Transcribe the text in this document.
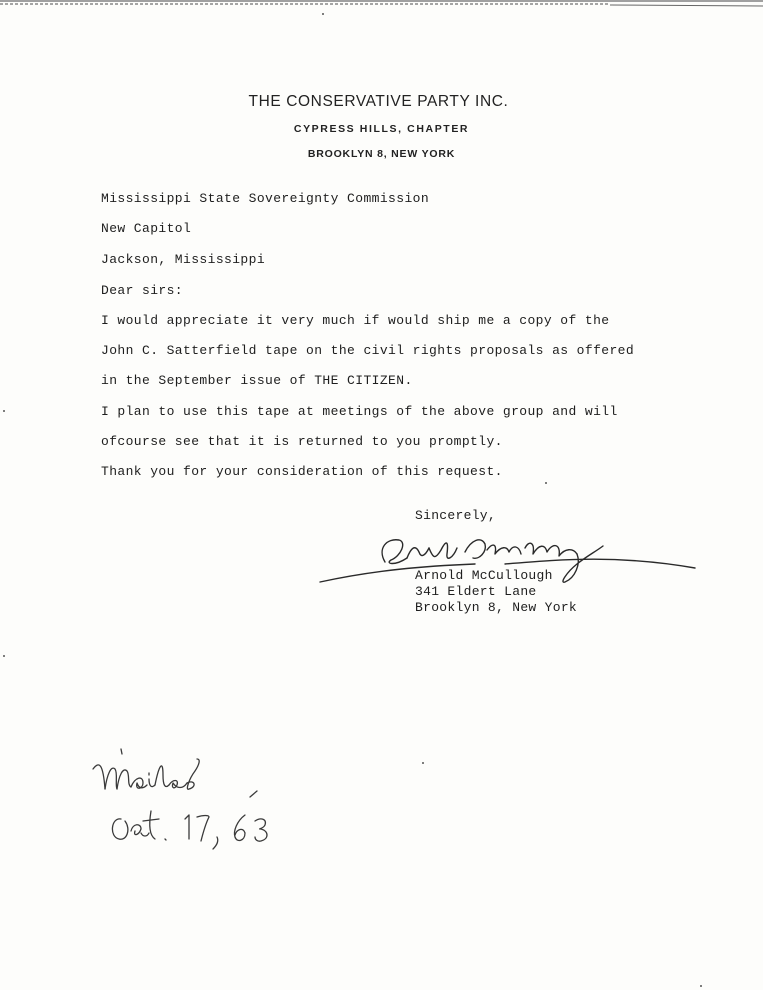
THE CONSERVATIVE PARTY INC.
CYPRESS HILLS, CHAPTER
BROOKLYN 8, NEW YORK
Mississippi State Sovereignty Commission
New Capitol
Jackson, Mississippi
Dear sirs:
I would appreciate it very much if would ship me a copy of the
John C. Satterfield tape on the civil rights proposals as offered
in the September issue of THE CITIZEN.
I plan to use this tape at meetings of the above group and will
ofcourse see that it is returned to you promptly.
Thank you for your consideration of this request.
Sincerely,
Arnold McCullough
341 Eldert Lane
Brooklyn 8, New York
